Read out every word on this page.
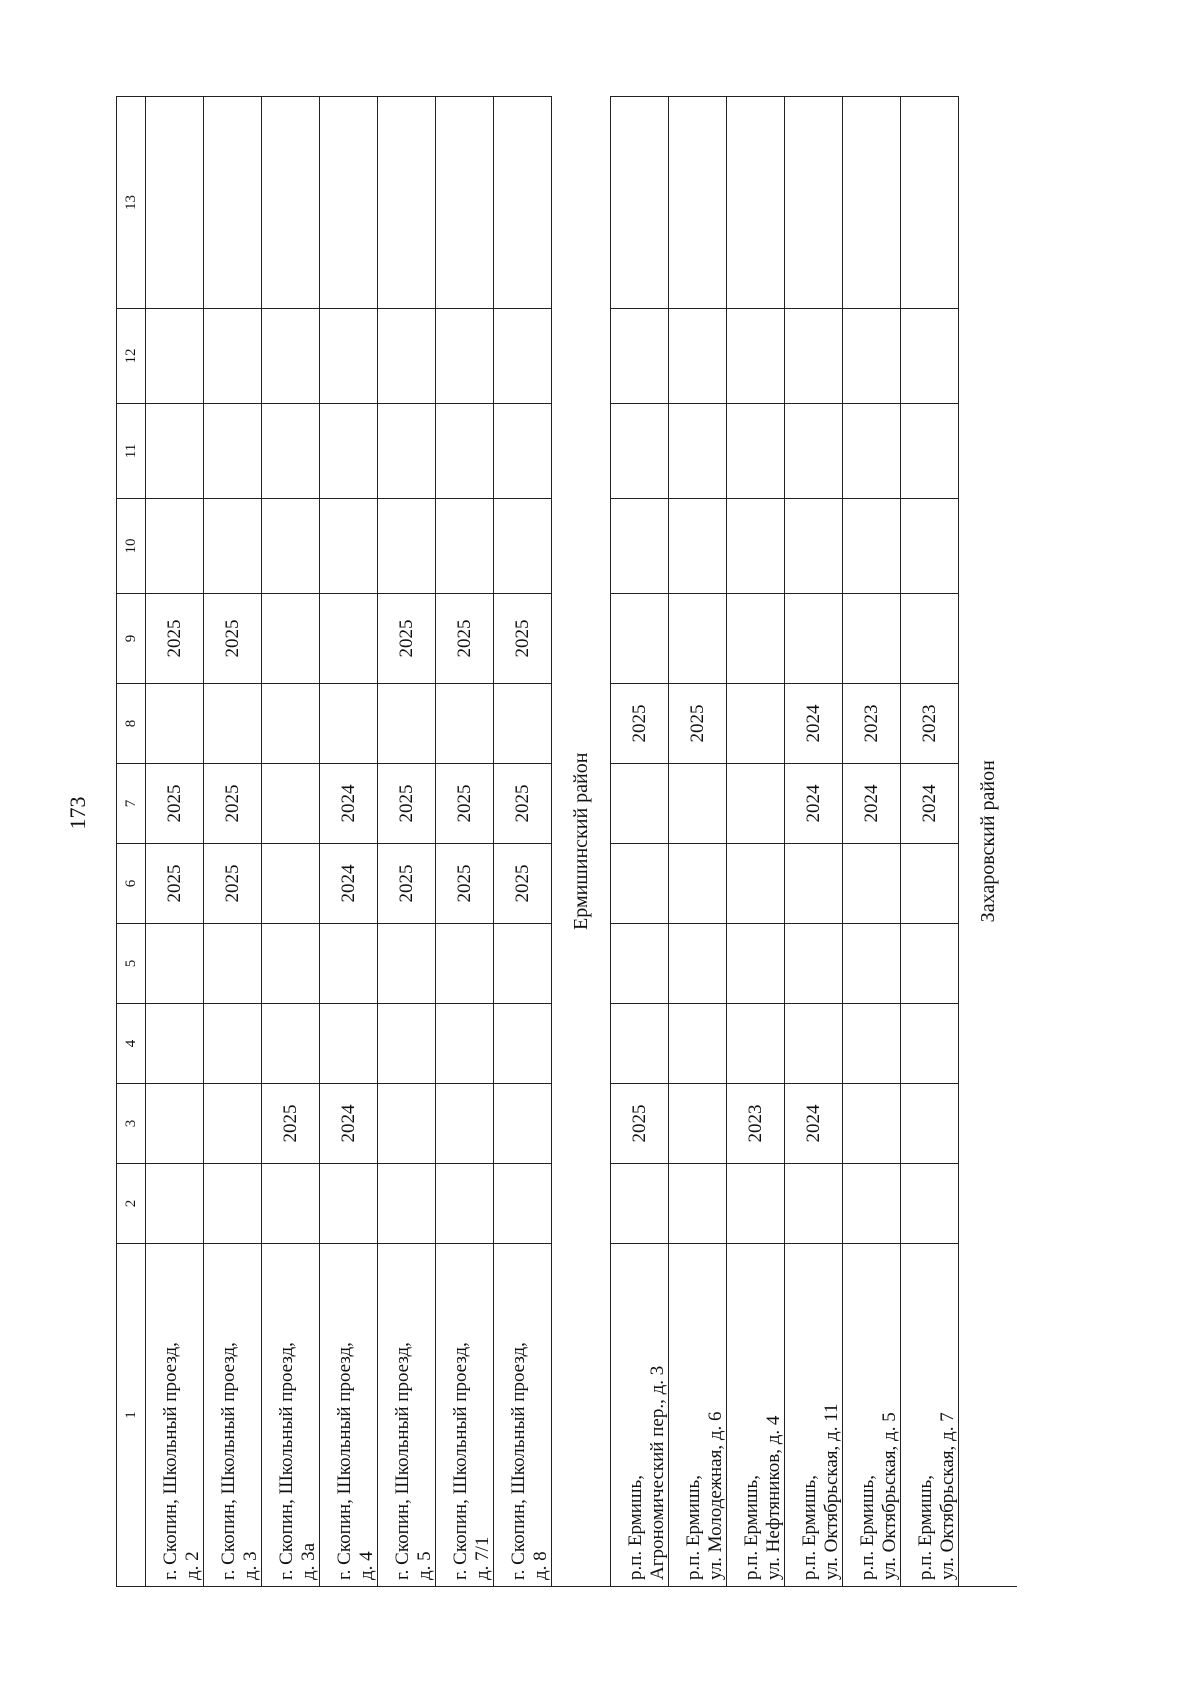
173
1	2	3	4	5	6	7	8	9	10	11	12	13

г. Скопин, Школьный проезд, д. 2					2025	2025		2025				

г. Скопин, Школьный проезд, д. 3					2025	2025		2025				

г. Скопин, Школьный проезд, д. 3а		2025										

г. Скопин, Школьный проезд, д. 4		2024			2024	2024						

г. Скопин, Школьный проезд, д. 5					2025	2025		2025				

г. Скопин, Школьный проезд, д. 7/1					2025	2025		2025				

г. Скопин, Школьный проезд, д. 8					2025	2025		2025				
Ермишинский район												

р.п. Ермишь, Агрономический пер., д. 3		2025					2025					

р.п. Ермишь, ул. Молодежная, д. 6							2025					

р.п. Ермишь, ул. Нефтяников, д. 4		2023										

р.п. Ермишь, ул. Октябрьская, д. 11		2024				2024	2024					

р.п. Ермишь, ул. Октябрьская, д. 5						2024	2023					

р.п. Ермишь, ул. Октябрьская, д. 7						2024	2023					
Захаровский район												
